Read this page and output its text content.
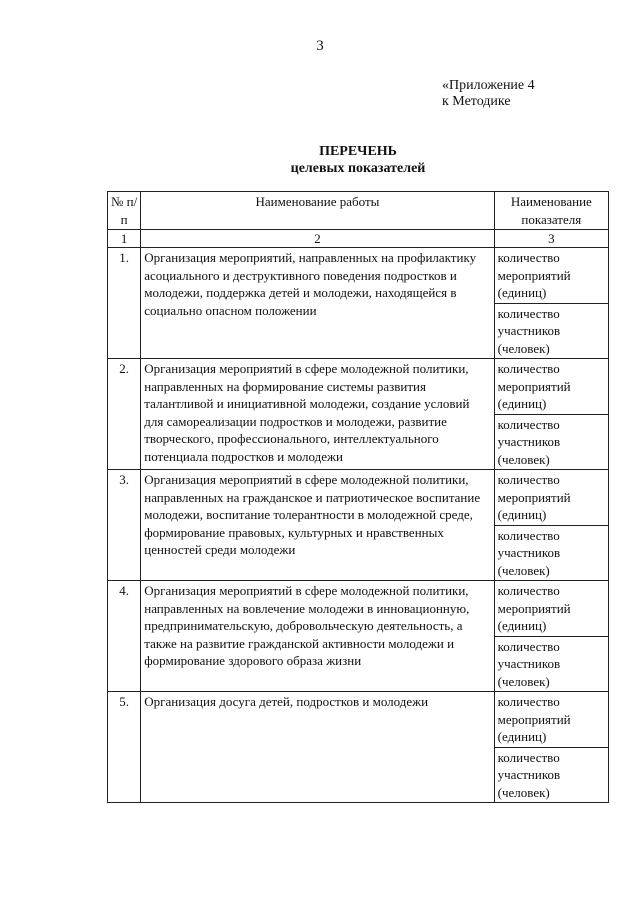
3
«Приложение 4
к Методике
ПЕРЕЧЕНЬ
целевых показателей
№ п/п	Наименование работы	Наименование показателя
1	2	3
1.	Организация мероприятий, направленных на профилактику асоциального и деструктивного поведения подростков и молодежи, поддержка детей и молодежи, находящейся в социально опасном положении	количество мероприятий (единиц)
		количество участников (человек)
2.	Организация мероприятий в сфере молодежной политики, направленных на формирование системы развития талантливой и инициативной молодежи, создание условий для самореализации подростков и молодежи, развитие творческого, профессионального, интеллектуального потенциала подростков и молодежи	количество мероприятий (единиц)
		количество участников (человек)
3.	Организация мероприятий в сфере молодежной политики, направленных на гражданское и патриотическое воспитание молодежи, воспитание толерантности в молодежной среде, формирование правовых, культурных и нравственных ценностей среди молодежи	количество мероприятий (единиц)
		количество участников (человек)
4.	Организация мероприятий в сфере молодежной политики, направленных на вовлечение молодежи в инновационную, предпринимательскую, добровольческую деятельность, а также на развитие гражданской активности молодежи и формирование здорового образа жизни	количество мероприятий (единиц)
		количество участников (человек)
5.	Организация досуга детей, подростков и молодежи	количество мероприятий (единиц)
		количество участников (человек)
